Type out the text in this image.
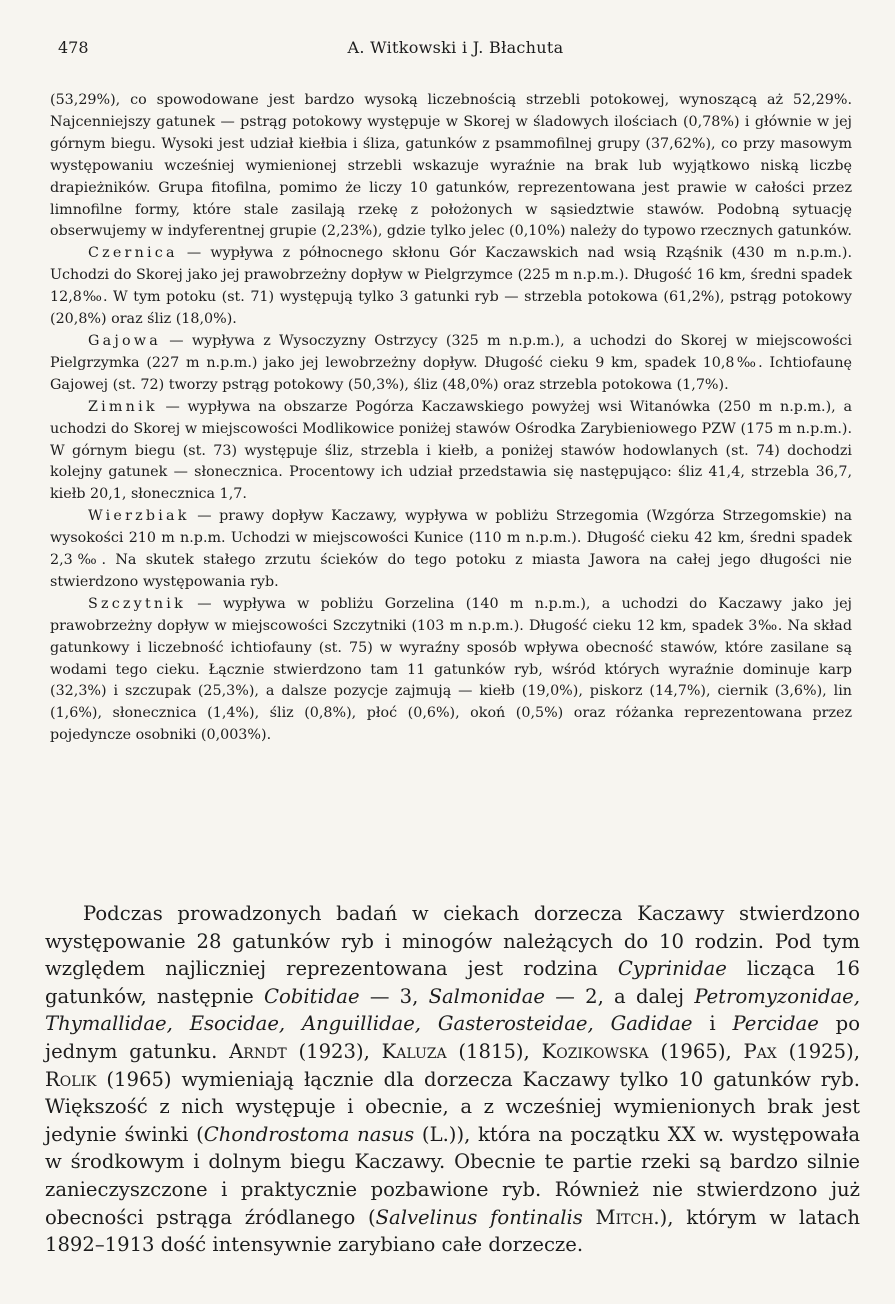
478	A. Witkowski i J. Błachuta

(53,29%), co spowodowane jest bardzo wysoką liczebnością strzebli potokowej, wynoszącą aż 52,29%. Najcenniejszy gatunek — pstrąg potokowy występuje w Skorej w śladowych ilościach (0,78%) i głównie w jej górnym biegu. Wysoki jest udział kiełbia i śliza, gatunków z psammofilnej grupy (37,62%), co przy masowym występowaniu wcześniej wymienionej strzebli wskazuje wyraźnie na brak lub wyjątkowo niską liczbę drapieżników. Grupa fitofilna, pomimo że liczy 10 gatunków, reprezentowana jest prawie w całości przez limnofilne formy, które stale zasilają rzekę z położonych w sąsiedztwie stawów. Podobną sytuację obserwujemy w indyferentnej grupie (2,23%), gdzie tylko jelec (0,10%) należy do typowo rzecznych gatunków.

Czernica — wypływa z północnego skłonu Gór Kaczawskich nad wsią Rząśnik (430 m n.p.m.). Uchodzi do Skorej jako jej prawobrzeżny dopływ w Pielgrzymce (225 m n.p.m.). Długość 16 km, średni spadek 12,8‰. W tym potoku (st. 71) występują tylko 3 gatunki ryb — strzebla potokowa (61,2%), pstrąg potokowy (20,8%) oraz śliz (18,0%).

Gajowa — wypływa z Wysoczyzny Ostrzycy (325 m n.p.m.), a uchodzi do Skorej w miejscowości Pielgrzymka (227 m n.p.m.) jako jej lewobrzeżny dopływ. Długość cieku 9 km, spadek 10,8‰. Ichtiofaunę Gajowej (st. 72) tworzy pstrąg potokowy (50,3%), śliz (48,0%) oraz strzebla potokowa (1,7%).

Zimnik — wypływa na obszarze Pogórza Kaczawskiego powyżej wsi Witanówka (250 m n.p.m.), a uchodzi do Skorej w miejscowości Modlikowice poniżej stawów Ośrodka Zarybieniowego PZW (175 m n.p.m.). W górnym biegu (st. 73) występuje śliz, strzebla i kiełb, a poniżej stawów hodowlanych (st. 74) dochodzi kolejny gatunek — słonecznica. Procentowy ich udział przedstawia się następująco: śliz 41,4, strzebla 36,7, kiełb 20,1, słonecznica 1,7.

Wierzbiak — prawy dopływ Kaczawy, wypływa w pobliżu Strzegomia (Wzgórza Strzegomskie) na wysokości 210 m n.p.m. Uchodzi w miejscowości Kunice (110 m n.p.m.). Długość cieku 42 km, średni spadek 2,3‰. Na skutek stałego zrzutu ścieków do tego potoku z miasta Jawora na całej jego długości nie stwierdzono występowania ryb.

Szczytnik — wypływa w pobliżu Gorzelina (140 m n.p.m.), a uchodzi do Kaczawy jako jej prawobrzeżny dopływ w miejscowości Szczytniki (103 m n.p.m.). Długość cieku 12 km, spadek 3‰. Na skład gatunkowy i liczebność ichtiofauny (st. 75) w wyraźny sposób wpływa obecność stawów, które zasilane są wodami tego cieku. Łącznie stwierdzono tam 11 gatunków ryb, wśród których wyraźnie dominuje karp (32,3%) i szczupak (25,3%), a dalsze pozycje zajmują — kiełb (19,0%), piskorz (14,7%), ciernik (3,6%), lin (1,6%), słonecznica (1,4%), śliz (0,8%), płoć (0,6%), okoń (0,5%) oraz różanka reprezentowana przez pojedyncze osobniki (0,003%).

Podczas prowadzonych badań w ciekach dorzecza Kaczawy stwierdzono występowanie 28 gatunków ryb i minogów należących do 10 rodzin. Pod tym względem najliczniej reprezentowana jest rodzina Cyprinidae licząca 16 gatunków, następnie Cobitidae — 3, Salmonidae — 2, a dalej Petromyzonidae, Thymallidae, Esocidae, Anguillidae, Gasterosteidae, Gadidae i Percidae po jednym gatunku. Arndt (1923), Kaluza (1815), Kozikowska (1965), Pax (1925), Rolik (1965) wymieniają łącznie dla dorzecza Kaczawy tylko 10 gatunków ryb. Większość z nich występuje i obecnie, a z wcześniej wymienionych brak jest jedynie świnki (Chondrostoma nasus (L.)), która na początku XX w. występowała w środkowym i dolnym biegu Kaczawy. Obecnie te partie rzeki są bardzo silnie zanieczyszczone i praktycznie pozbawione ryb. Również nie stwierdzono już obecności pstrąga źródlanego (Salvelinus fontinalis Mitch.), którym w latach 1892–1913 dość intensywnie zarybiano całe dorzecze.
